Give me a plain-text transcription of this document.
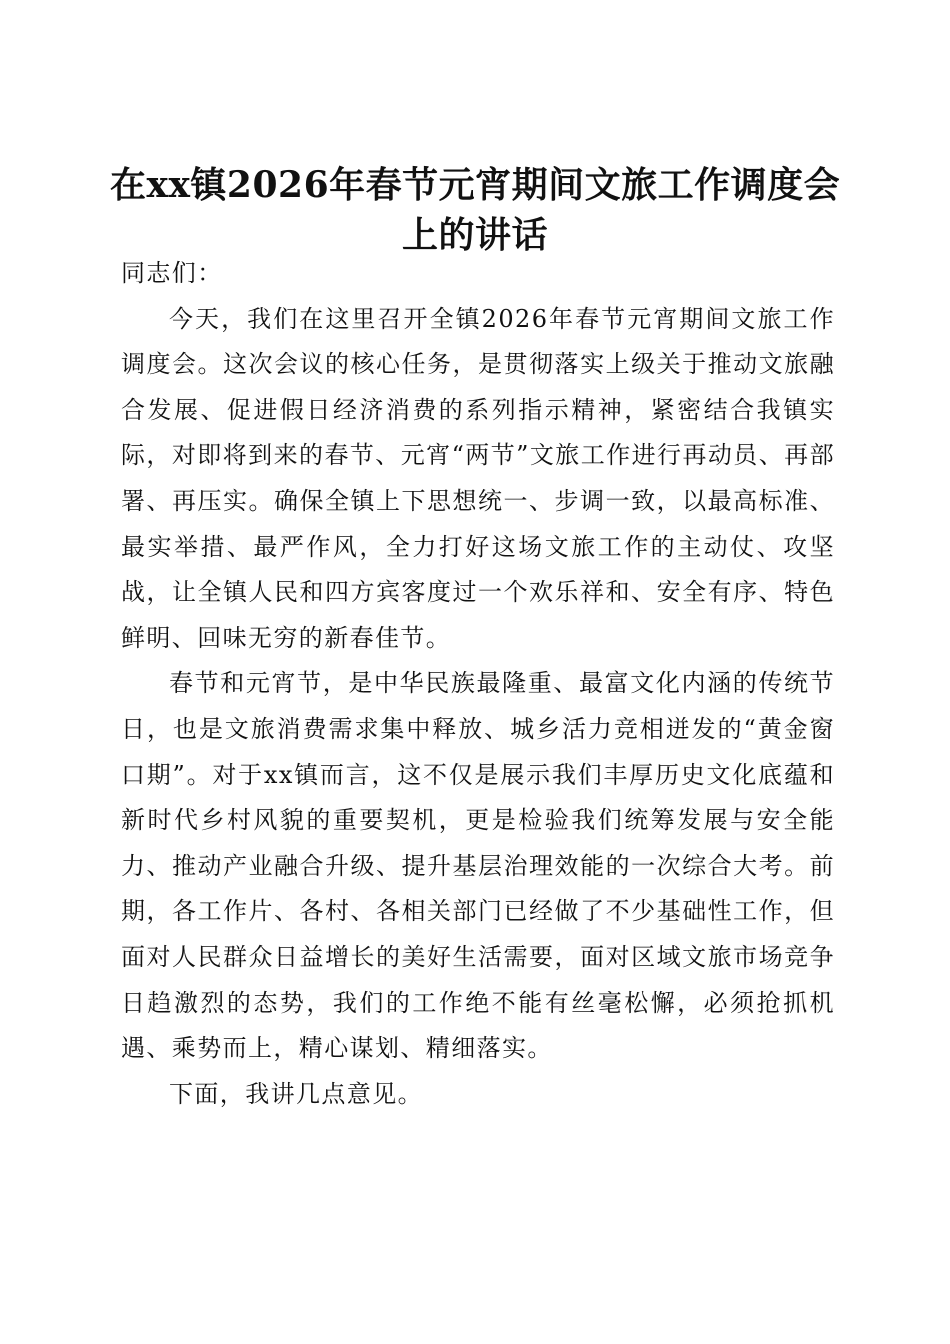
在xx镇2026年春节元宵期间文旅工作调度会
上的讲话

同志们：

今天，我们在这里召开全镇2026年春节元宵期间文旅工作调度会。这次会议的核心任务，是贯彻落实上级关于推动文旅融合发展、促进假日经济消费的系列指示精神，紧密结合我镇实际，对即将到来的春节、元宵“两节”文旅工作进行再动员、再部署、再压实。确保全镇上下思想统一、步调一致，以最高标准、最实举措、最严作风，全力打好这场文旅工作的主动仗、攻坚战，让全镇人民和四方宾客度过一个欢乐祥和、安全有序、特色鲜明、回味无穷的新春佳节。

春节和元宵节，是中华民族最隆重、最富文化内涵的传统节日，也是文旅消费需求集中释放、城乡活力竞相迸发的“黄金窗口期”。对于xx镇而言，这不仅是展示我们丰厚历史文化底蕴和新时代乡村风貌的重要契机，更是检验我们统筹发展与安全能力、推动产业融合升级、提升基层治理效能的一次综合大考。前期，各工作片、各村、各相关部门已经做了不少基础性工作，但面对人民群众日益增长的美好生活需要，面对区域文旅市场竞争日趋激烈的态势，我们的工作绝不能有丝毫松懈，必须抢抓机遇、乘势而上，精心谋划、精细落实。

下面，我讲几点意见。
